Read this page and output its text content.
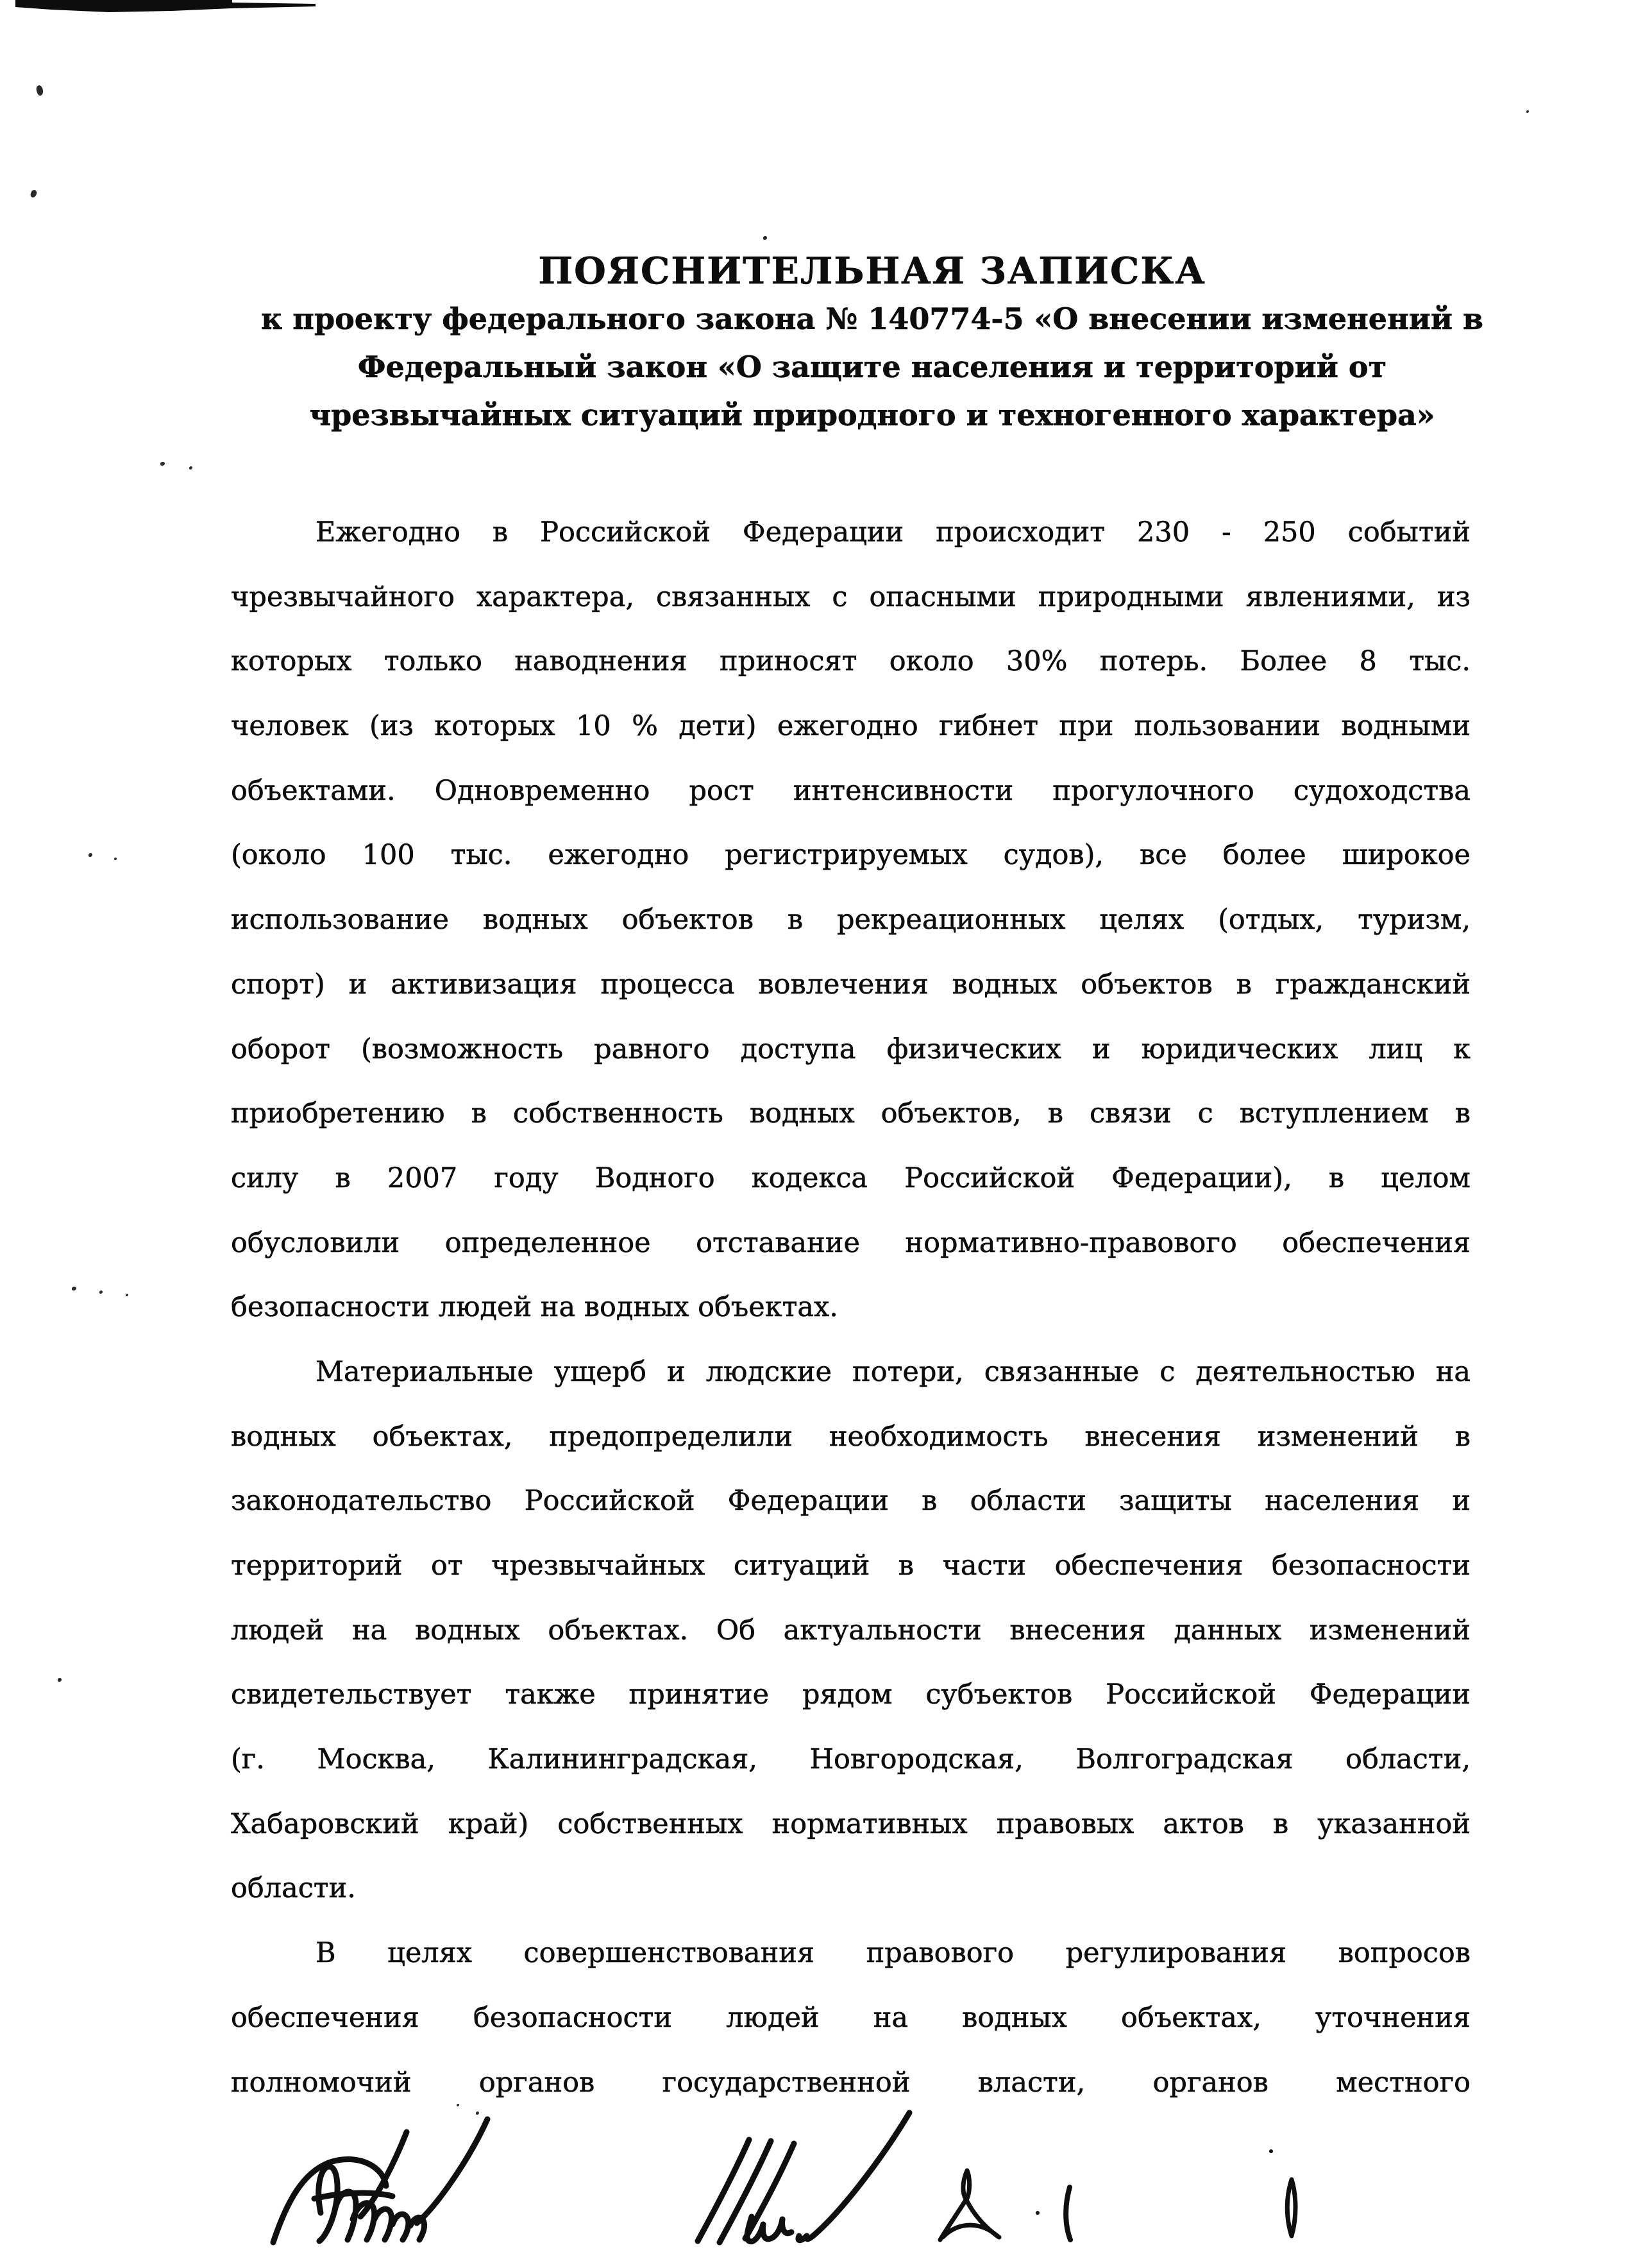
ПОЯСНИТЕЛЬНАЯ ЗАПИСКА
к проекту федерального закона № 140774-5 «О внесении изменений в
Федеральный закон «О защите населения и территорий от
чрезвычайных ситуаций природного и техногенного характера»
Ежегодно в Российской Федерации происходит 230 - 250 событий
чрезвычайного характера, связанных с опасными природными явлениями, из
которых только наводнения приносят около 30% потерь. Более 8 тыс.
человек (из которых 10 % дети) ежегодно гибнет при пользовании водными
объектами. Одновременно рост интенсивности прогулочного судоходства
(около 100 тыс. ежегодно регистрируемых судов), все более широкое
использование водных объектов в рекреационных целях (отдых, туризм,
спорт) и активизация процесса вовлечения водных объектов в гражданский
оборот (возможность равного доступа физических и юридических лиц к
приобретению в собственность водных объектов, в связи с вступлением в
силу в 2007 году Водного кодекса Российской Федерации), в целом
обусловили определенное отставание нормативно-правового обеспечения
безопасности людей на водных объектах.
Материальные ущерб и людские потери, связанные с деятельностью на
водных объектах, предопределили необходимость внесения изменений в
законодательство Российской Федерации в области защиты населения и
территорий от чрезвычайных ситуаций в части обеспечения безопасности
людей на водных объектах. Об актуальности внесения данных изменений
свидетельствует также принятие рядом субъектов Российской Федерации
(г. Москва, Калининградская, Новгородская, Волгоградская области,
Хабаровский край) собственных нормативных правовых актов в указанной
области.
В целях совершенствования правового регулирования вопросов
обеспечения безопасности людей на водных объектах, уточнения
полномочий органов государственной власти, органов местного
